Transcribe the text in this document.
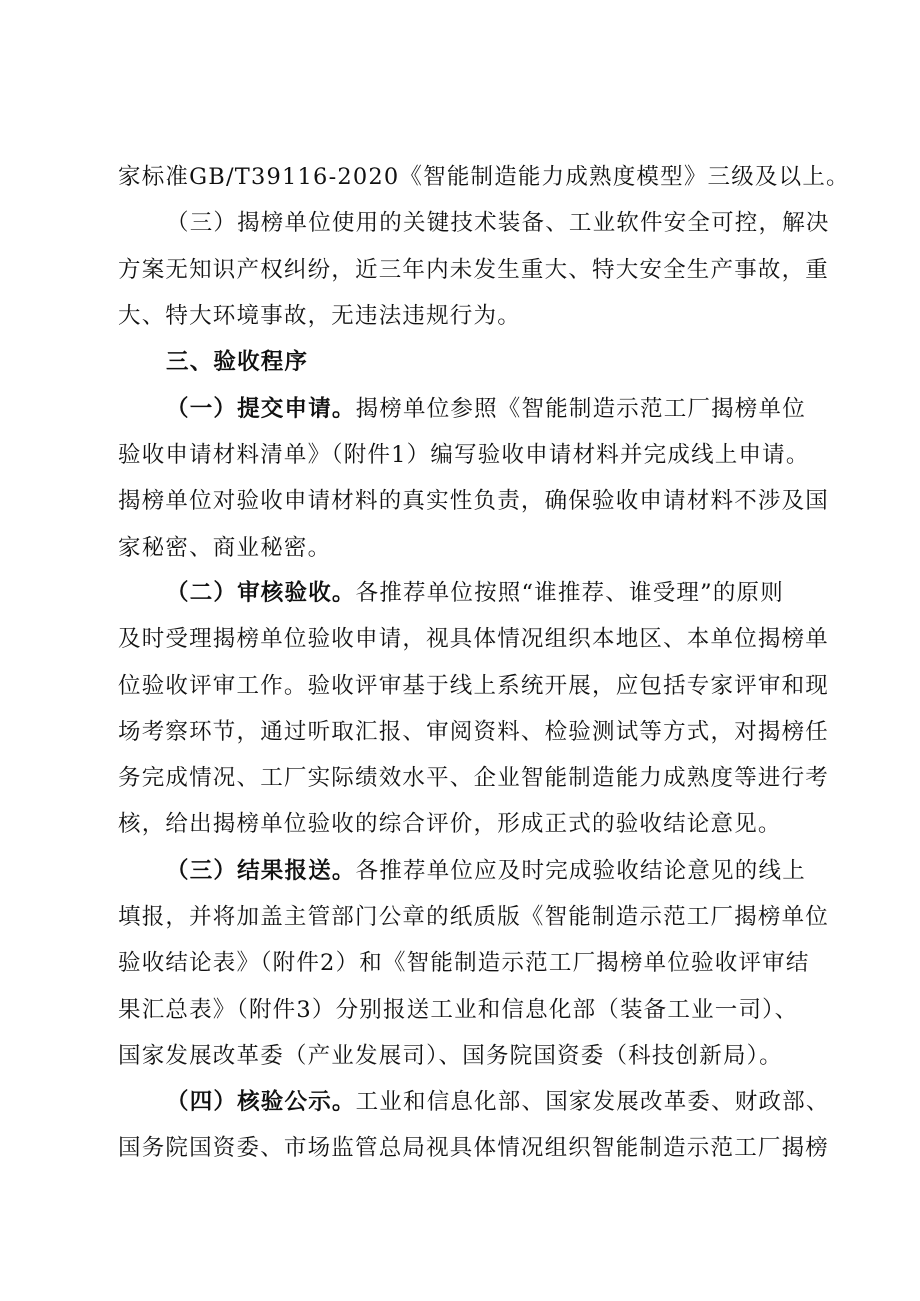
家标准GB/T39116-2020《智能制造能力成熟度模型》三级及以上。
（三）揭榜单位使用的关键技术装备、工业软件安全可控，解决
方案无知识产权纠纷，近三年内未发生重大、特大安全生产事故，重
大、特大环境事故，无违法违规行为。
三、验收程序
（一）提交申请。揭榜单位参照《智能制造示范工厂揭榜单位
验收申请材料清单》（附件1）编写验收申请材料并完成线上申请。
揭榜单位对验收申请材料的真实性负责，确保验收申请材料不涉及国
家秘密、商业秘密。
（二）审核验收。各推荐单位按照“谁推荐、谁受理”的原则
及时受理揭榜单位验收申请，视具体情况组织本地区、本单位揭榜单
位验收评审工作。验收评审基于线上系统开展，应包括专家评审和现
场考察环节，通过听取汇报、审阅资料、检验测试等方式，对揭榜任
务完成情况、工厂实际绩效水平、企业智能制造能力成熟度等进行考
核，给出揭榜单位验收的综合评价，形成正式的验收结论意见。
（三）结果报送。各推荐单位应及时完成验收结论意见的线上
填报，并将加盖主管部门公章的纸质版《智能制造示范工厂揭榜单位
验收结论表》（附件2）和《智能制造示范工厂揭榜单位验收评审结
果汇总表》（附件3）分别报送工业和信息化部（装备工业一司）、
国家发展改革委（产业发展司）、国务院国资委（科技创新局）。
（四）核验公示。工业和信息化部、国家发展改革委、财政部、
国务院国资委、市场监管总局视具体情况组织智能制造示范工厂揭榜
